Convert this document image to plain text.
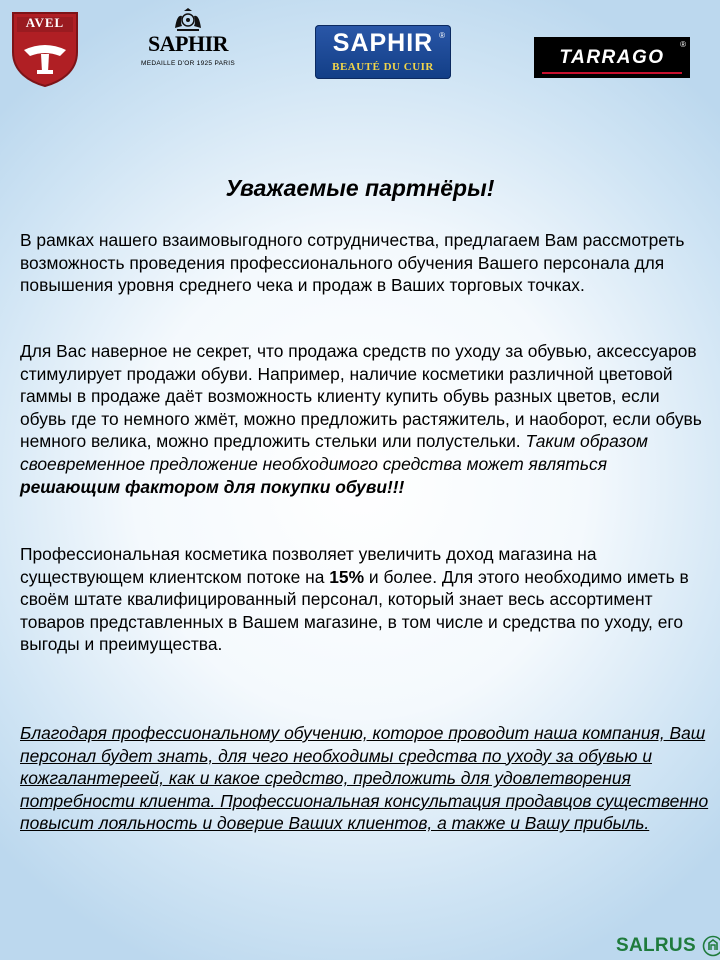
AVEL
SAPHIR
MEDAILLE D'OR 1925 PARIS
SAPHIR ®
BEAUTÉ DU CUIR	TARRAGO
®
Уважаемые партнёры!

В рамках нашего взаимовыгодного сотрудничества, предлагаем Вам рассмотреть возможность проведения профессионального обучения Вашего персонала для повышения уровня среднего чека и продаж в Ваших торговых точках.

Для Вас наверное не секрет, что продажа средств по уходу за обувью, аксессуаров стимулирует продажи обуви. Например, наличие косметики различной цветовой гаммы в продаже даёт возможность клиенту купить обувь разных цветов, если обувь где то немного жмёт, можно предложить растяжитель, и наоборот, если обувь немного велика, можно предложить стельки или полустельки. Таким образом своевременное предложение необходимого средства может являться решающим фактором для покупки обуви!!!

Профессиональная косметика позволяет увеличить доход магазина на существующем клиентском потоке на 15% и более. Для этого необходимо иметь в своём штате квалифицированный персонал, который знает весь ассортимент товаров представленных в Вашем магазине, в том числе и средства по уходу, его выгоды и преимущества.

Благодаря профессиональному обучению, которое проводит наша компания, Ваш персонал будет знать, для чего необходимы средства по уходу за обувью и кожгалантереей, как и какое средство, предложить для удовлетворения потребности клиента. Профессиональная консультация продавцов существенно повысит лояльность и доверие Ваших клиентов, а также и Вашу прибыль.

SALRUS
